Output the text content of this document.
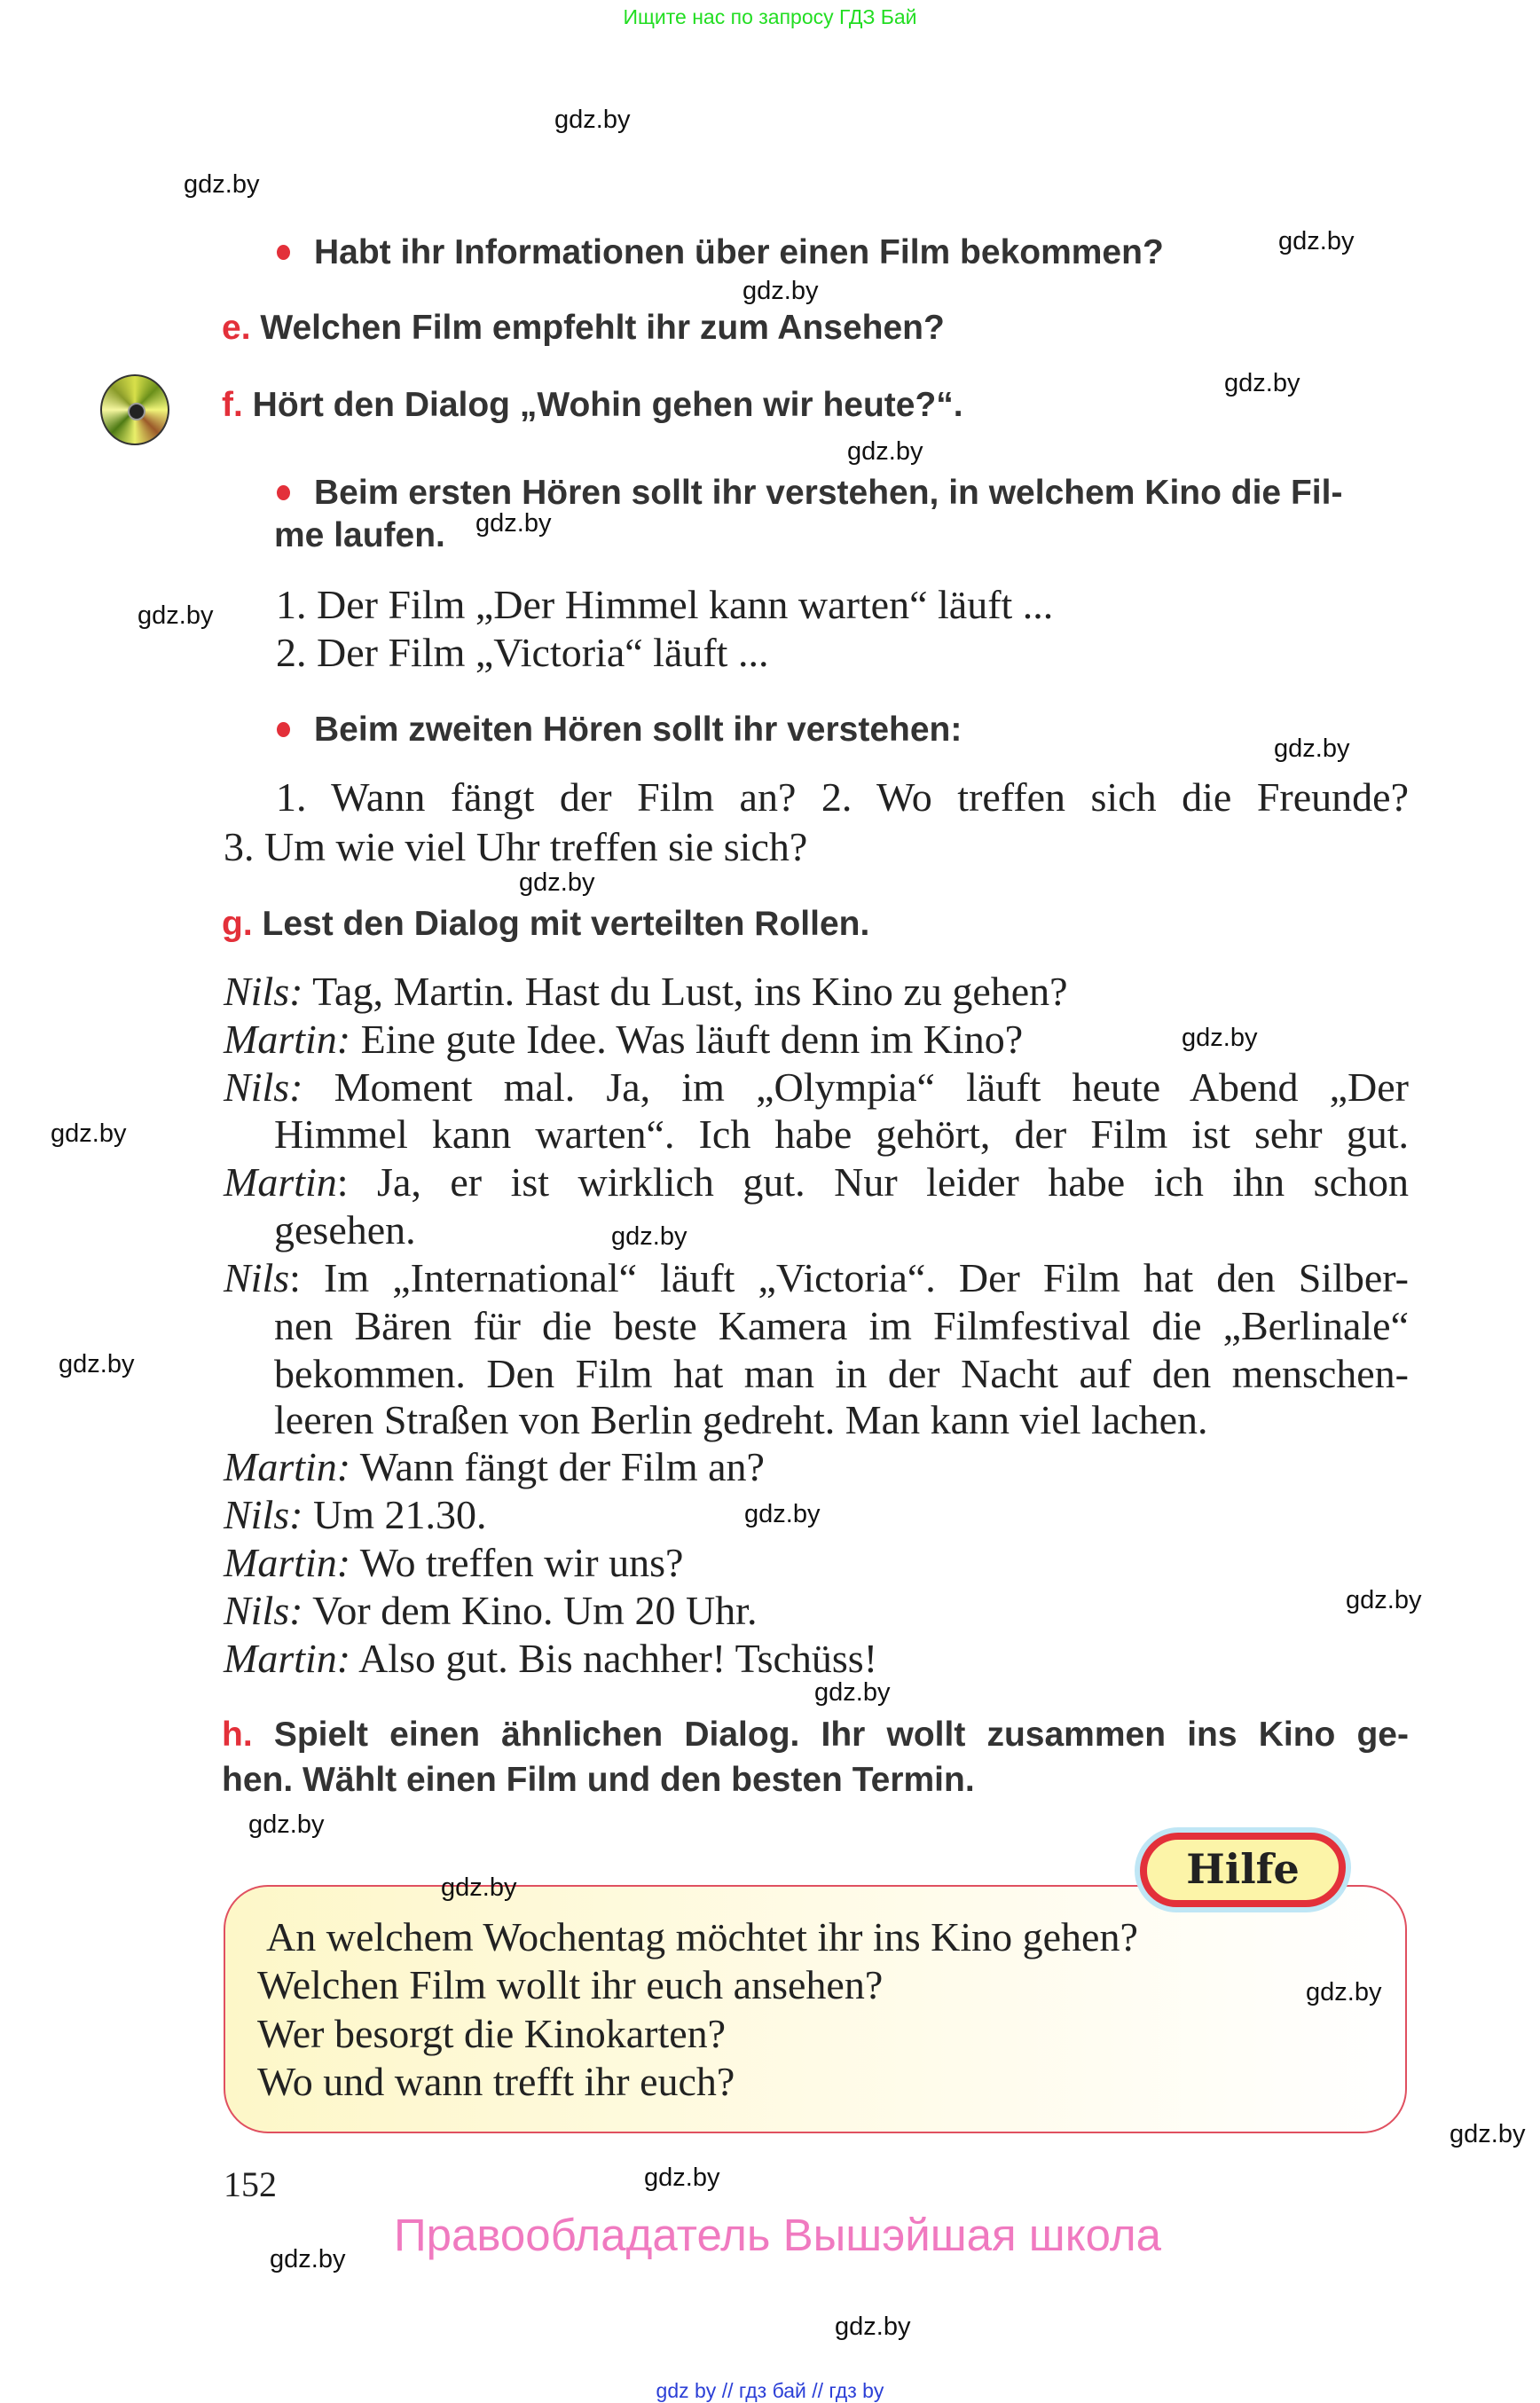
Ищите нас по запросу ГДЗ Бай
Habt ihr Informationen über einen Film bekommen?
e. Welchen Film empfehlt ihr zum Ansehen?
f. Hört den Dialog „Wohin gehen wir heute?“.
Beim ersten Hören sollt ihr verstehen, in welchem Kino die Fil-
me laufen.
1. Der Film „Der Himmel kann warten“ läuft ...
2. Der Film „Victoria“ läuft ...
Beim zweiten Hören sollt ihr verstehen:
1. Wann fängt der Film an? 2. Wo treffen sich die Freunde?
3. Um wie viel Uhr treffen sie sich?
g. Lest den Dialog mit verteilten Rollen.
Nils: Tag, Martin. Hast du Lust, ins Kino zu gehen?
Martin: Eine gute Idee. Was läuft denn im Kino?
Nils: Moment mal. Ja, im „Olympia“ läuft heute Abend „Der
Himmel kann warten“. Ich habe gehört, der Film ist sehr gut.
Martin: Ja, er ist wirklich gut. Nur leider habe ich ihn schon
gesehen.
Nils: Im „International“ läuft „Victoria“. Der Film hat den Silber-
nen Bären für die beste Kamera im Filmfestival die „Berlinale“
bekommen. Den Film hat man in der Nacht auf den menschen-
leeren Straßen von Berlin gedreht. Man kann viel lachen.
Martin: Wann fängt der Film an?
Nils: Um 21.30.
Martin: Wo treffen wir uns?
Nils: Vor dem Kino. Um 20 Uhr.
Martin: Also gut. Bis nachher! Tschüss!
h. Spielt einen ähnlichen Dialog. Ihr wollt zusammen ins Kino ge-
hen. Wählt einen Film und den besten Termin.
Hilfe
An welchem Wochentag möchtet ihr ins Kino gehen?
Welchen Film wollt ihr euch ansehen?
Wer besorgt die Kinokarten?
Wo und wann trefft ihr euch?
152
Правообладатель Вышэйшая школа
gdz by // гдз бай // гдз by
gdz.by
gdz.by
gdz.by
gdz.by
gdz.by
gdz.by
gdz.by
gdz.by
gdz.by
gdz.by
gdz.by
gdz.by
gdz.by
gdz.by
gdz.by
gdz.by
gdz.by
gdz.by
gdz.by
gdz.by
gdz.by
gdz.by
gdz.by
gdz.by
